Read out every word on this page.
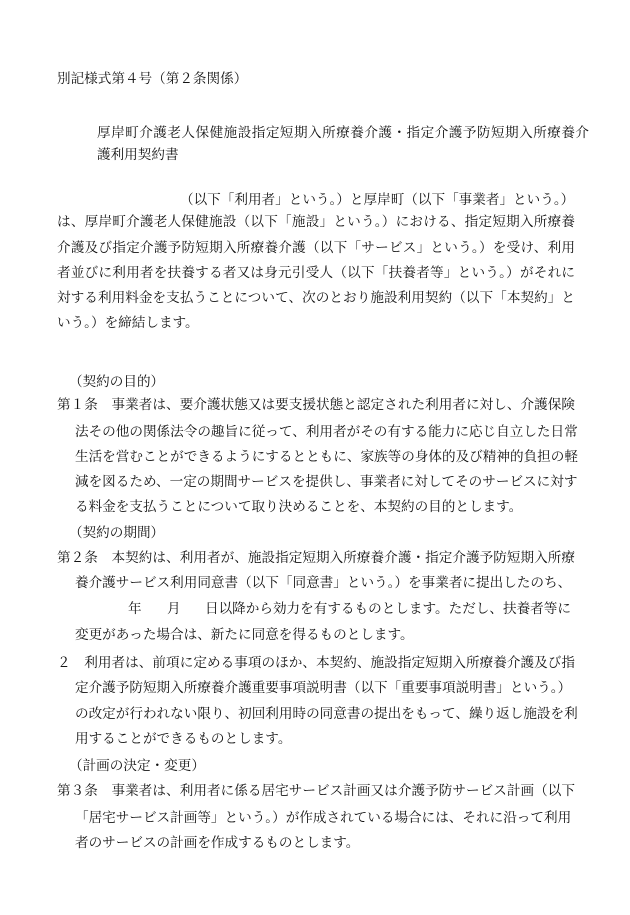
別記様式第４号（第２条関係）
厚岸町介護老人保健施設指定短期入所療養介護・指定介護予防短期入所療養介
護利用契約書
（以下「利用者」という。）と厚岸町（以下「事業者」という。）
は、厚岸町介護老人保健施設（以下「施設」という。）における、指定短期入所療養
介護及び指定介護予防短期入所療養介護（以下「サービス」という。）を受け、利用
者並びに利用者を扶養する者又は身元引受人（以下「扶養者等」という。）がそれに
対する利用料金を支払うことについて、次のとおり施設利用契約（以下「本契約」と
いう。）を締結します。
（契約の目的）
第１条　事業者は、要介護状態又は要支援状態と認定された利用者に対し、介護保険
法その他の関係法令の趣旨に従って、利用者がその有する能力に応じ自立した日常
生活を営むことができるようにするとともに、家族等の身体的及び精神的負担の軽
減を図るため、一定の期間サービスを提供し、事業者に対してそのサービスに対す
る料金を支払うことについて取り決めることを、本契約の目的とします。
（契約の期間）
第２条　本契約は、利用者が、施設指定短期入所療養介護・指定介護予防短期入所療
養介護サービス利用同意書（以下「同意書」という。）を事業者に提出したのち、
年 月 日以降から効力を有するものとします。ただし、扶養者等に
変更があった場合は、新たに同意を得るものとします。
２　利用者は、前項に定める事項のほか、本契約、施設指定短期入所療養介護及び指
定介護予防短期入所療養介護重要事項説明書（以下「重要事項説明書」という。）
の改定が行われない限り、初回利用時の同意書の提出をもって、繰り返し施設を利
用することができるものとします。
（計画の決定・変更）
第３条　事業者は、利用者に係る居宅サービス計画又は介護予防サービス計画（以下
「居宅サービス計画等」という。）が作成されている場合には、それに沿って利用
者のサービスの計画を作成するものとします。
